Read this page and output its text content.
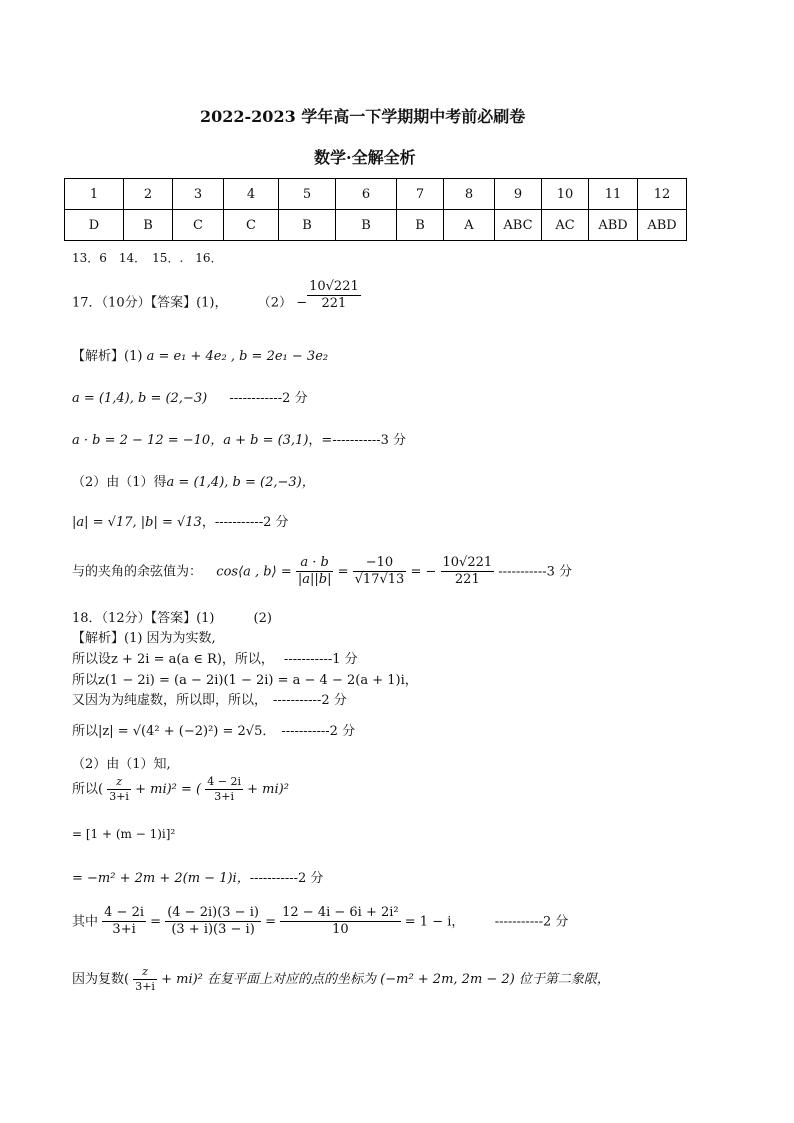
2022-2023 学年高一下学期期中考前必刷卷
数学·全解全析
1	2	3	4	5	6	7	8	9	10	11	12
D	B	C	C	B	B	B	A	ABC	AC	ABD	ABD
13．6　14．　15．.　16．
17．（10分）【答案】(1)， $(2) - \frac{10√221}{221}$
【解析】(1) a = e₁ + 4e₂ , b = 2e₁ − 3e₂
a = (1,4), b = (2,−3) ------------2 分
a · b = 2 − 12 = −10，a + b = (3,1)，=-----------3 分
（2）由（1）得a = (1,4), b = (2,−3)，
|a| = √17, |b| = √13，-----------2 分
与的夹角的余弦值为： cos⟨a , b⟩ = $\frac{a \cdot b}{|a||b|} = \frac{-10}{√17√13}$ = − $\frac{10√221}{221} -----------3$ 分
18．（12分）【答案】(1)　　　(2)
【解析】(1) 因为为实数,
所以设z + 2i = a(a ∈ R)，所以， -----------1 分
所以z(1 − 2i) = (a − 2i)(1 − 2i) = a − 4 − 2(a + 1)i，
又因为为纯虚数，所以即，所以， -----------2 分
所以|z| = √(4² + (−2)²) = 2√5． -----------2 分
（2）由（1）知,
所以( $\frac{z}{3+i} + mi)^2$ = ( $\frac{4 - 2i}{3+i} + mi)^2$
= [1 + (m − 1)i]²
= −m² + 2m + 2(m − 1)i，-----------2 分
其中 $\frac{4 - 2i}{3+i} = \frac{(4 - 2i)(3 - i)}{(3 + i)(3 - i)} = \frac{\text{12 − 4i − 6i + 2i²}}{10} = 1 - i$， -----------2 分
因为复数( $\frac{z}{3+i} + mi)^2$ 在复平面上对应的点的坐标为 (−m² + 2m, 2m − 2) 位于第二象限，
